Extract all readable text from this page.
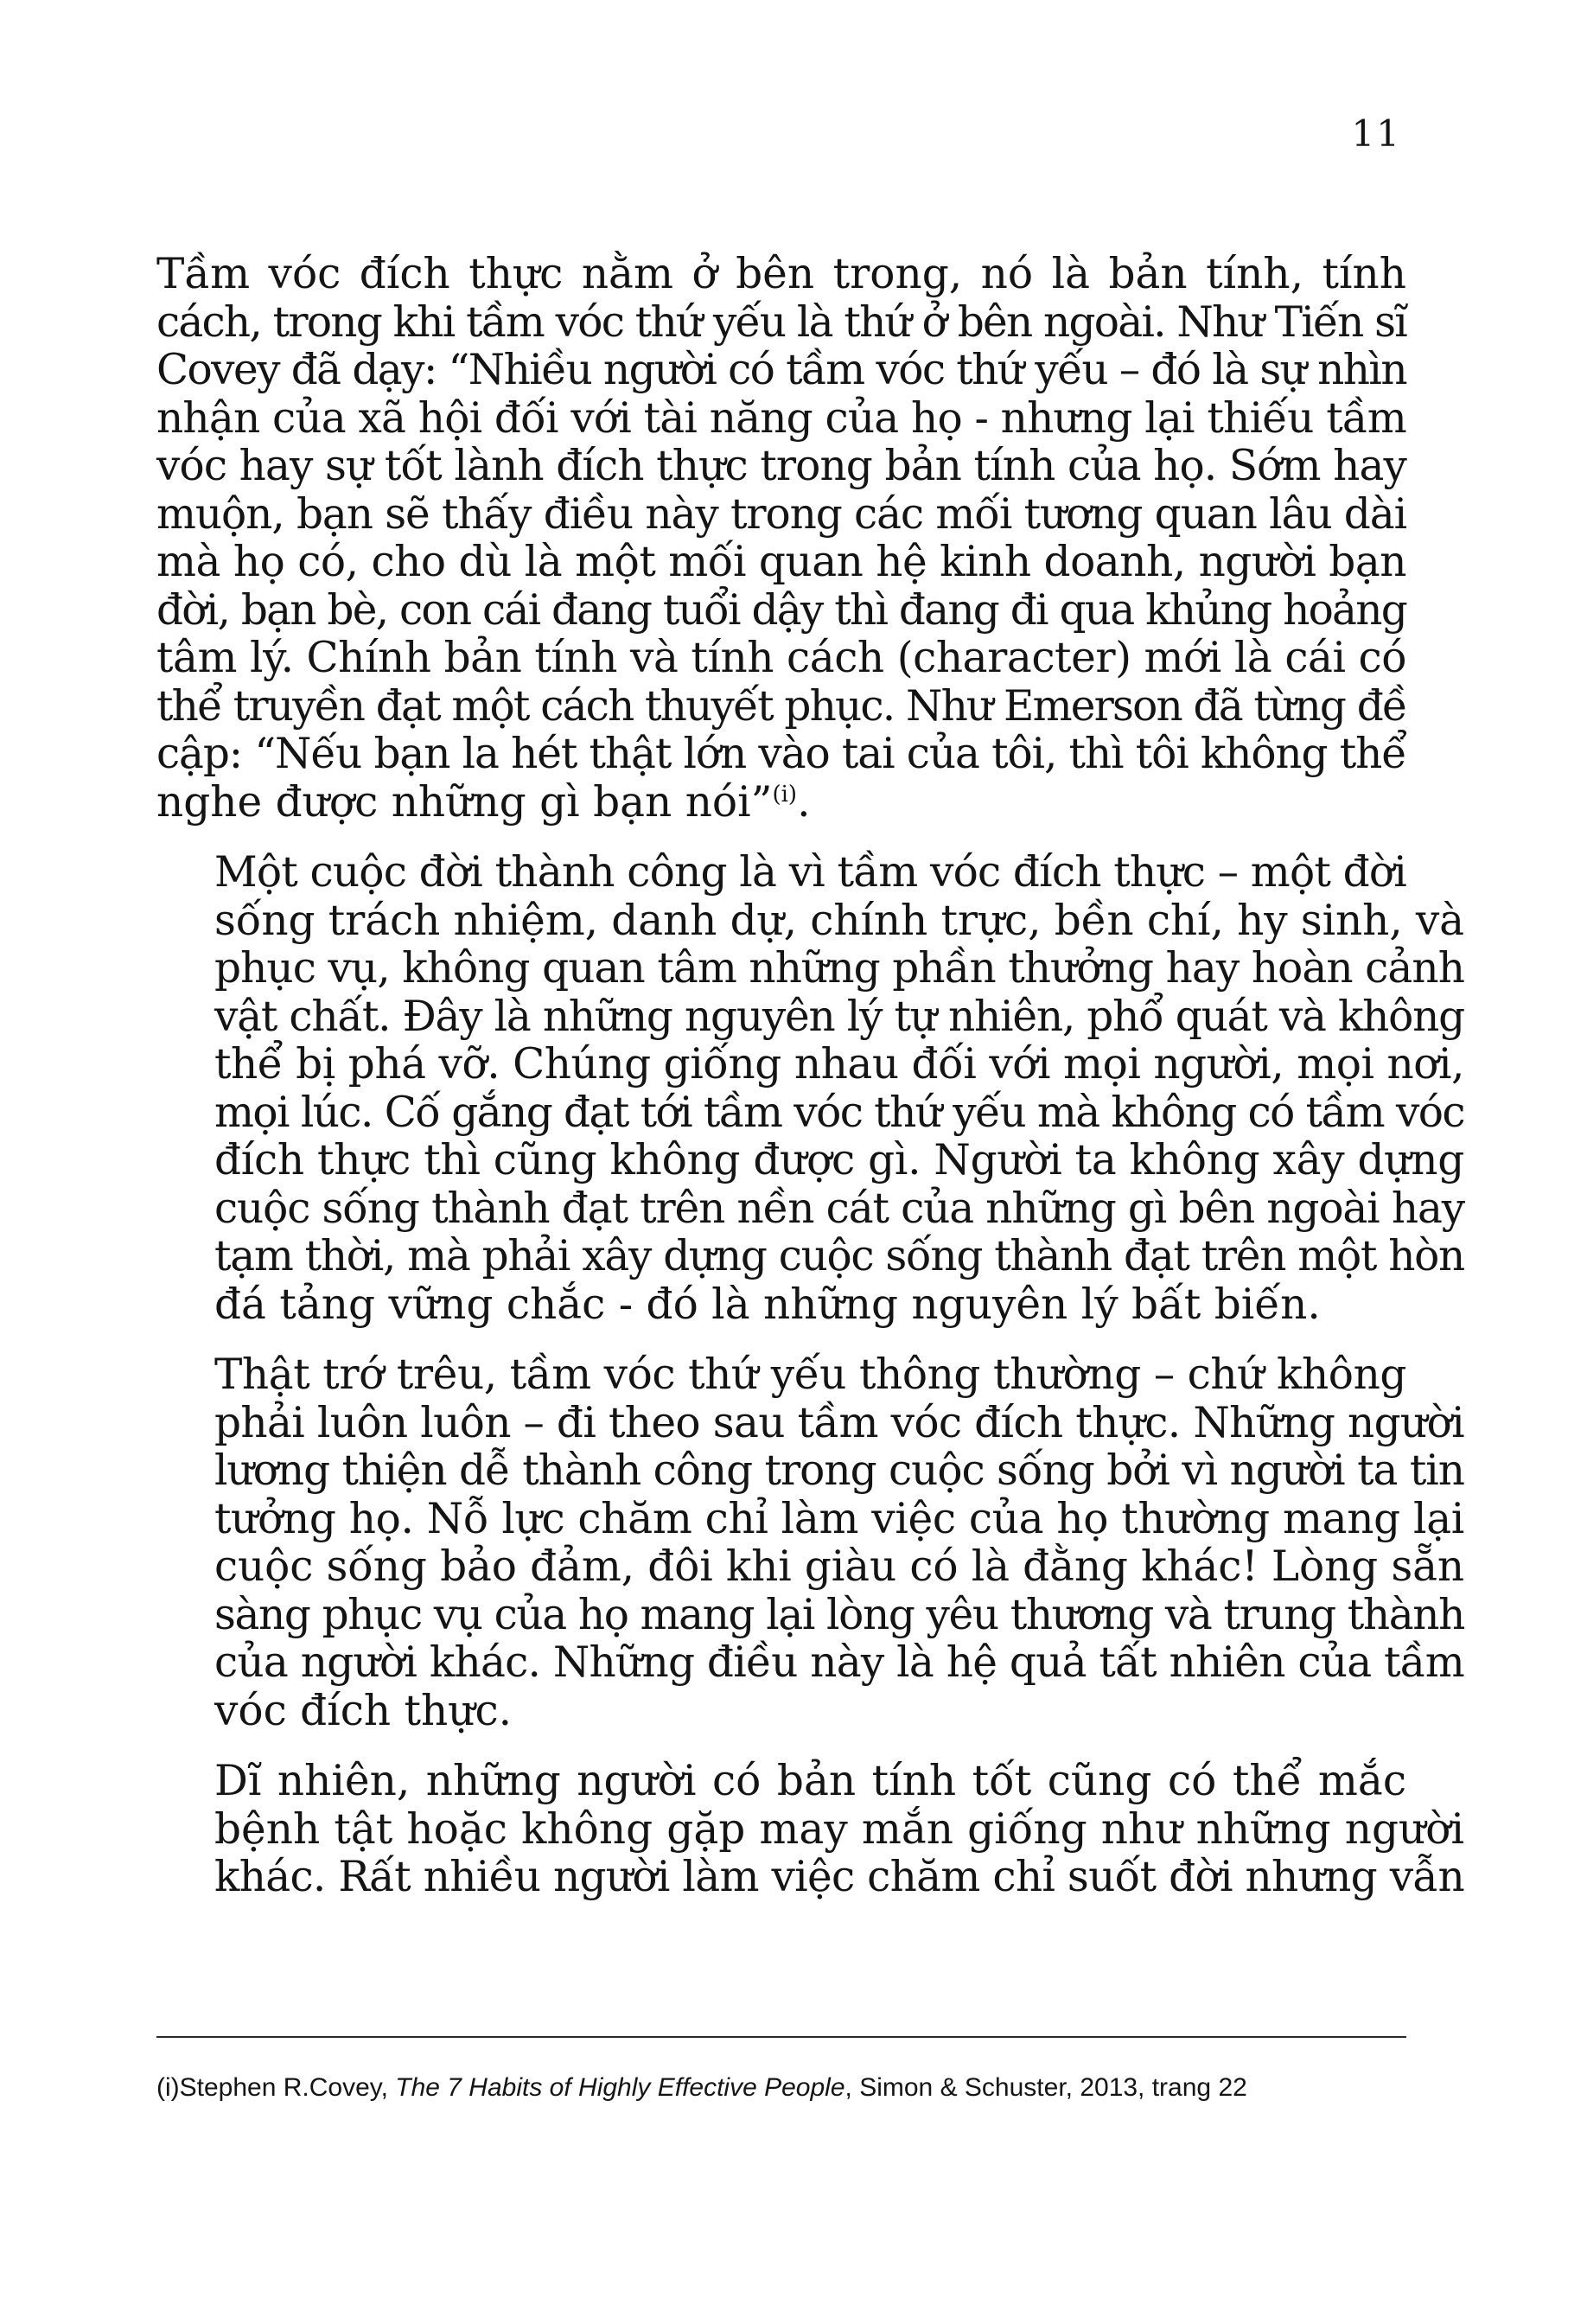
11

Tầm vóc đích thực nằm ở bên trong, nó là bản tính, tính
cách, trong khi tầm vóc thứ yếu là thứ ở bên ngoài. Như Tiến sĩ
Covey đã dạy: “Nhiều người có tầm vóc thứ yếu – đó là sự nhìn
nhận của xã hội đối với tài năng của họ - nhưng lại thiếu tầm
vóc hay sự tốt lành đích thực trong bản tính của họ. Sớm hay
muộn, bạn sẽ thấy điều này trong các mối tương quan lâu dài
mà họ có, cho dù là một mối quan hệ kinh doanh, người bạn
đời, bạn bè, con cái đang tuổi dậy thì đang đi qua khủng hoảng
tâm lý. Chính bản tính và tính cách (character) mới là cái có
thể truyền đạt một cách thuyết phục. Như Emerson đã từng đề
cập: “Nếu bạn la hét thật lớn vào tai của tôi, thì tôi không thể
nghe được những gì bạn nói”$^{(i)}$.

Một cuộc đời thành công là vì tầm vóc đích thực – một đời
sống trách nhiệm, danh dự, chính trực, bền chí, hy sinh, và
phục vụ, không quan tâm những phần thưởng hay hoàn cảnh
vật chất. Đây là những nguyên lý tự nhiên, phổ quát và không
thể bị phá vỡ. Chúng giống nhau đối với mọi người, mọi nơi,
mọi lúc. Cố gắng đạt tới tầm vóc thứ yếu mà không có tầm vóc
đích thực thì cũng không được gì. Người ta không xây dựng
cuộc sống thành đạt trên nền cát của những gì bên ngoài hay
tạm thời, mà phải xây dựng cuộc sống thành đạt trên một hòn
đá tảng vững chắc - đó là những nguyên lý bất biến.

Thật trớ trêu, tầm vóc thứ yếu thông thường – chứ không
phải luôn luôn – đi theo sau tầm vóc đích thực. Những người
lương thiện dễ thành công trong cuộc sống bởi vì người ta tin
tưởng họ. Nỗ lực chăm chỉ làm việc của họ thường mang lại
cuộc sống bảo đảm, đôi khi giàu có là đằng khác! Lòng sẵn
sàng phục vụ của họ mang lại lòng yêu thương và trung thành
của người khác. Những điều này là hệ quả tất nhiên của tầm
vóc đích thực.

Dĩ nhiên, những người có bản tính tốt cũng có thể mắc
bệnh tật hoặc không gặp may mắn giống như những người
khác. Rất nhiều người làm việc chăm chỉ suốt đời nhưng vẫn

(i)Stephen R.Covey, The 7 Habits of Highly Effective People, Simon & Schuster, 2013, trang 22
